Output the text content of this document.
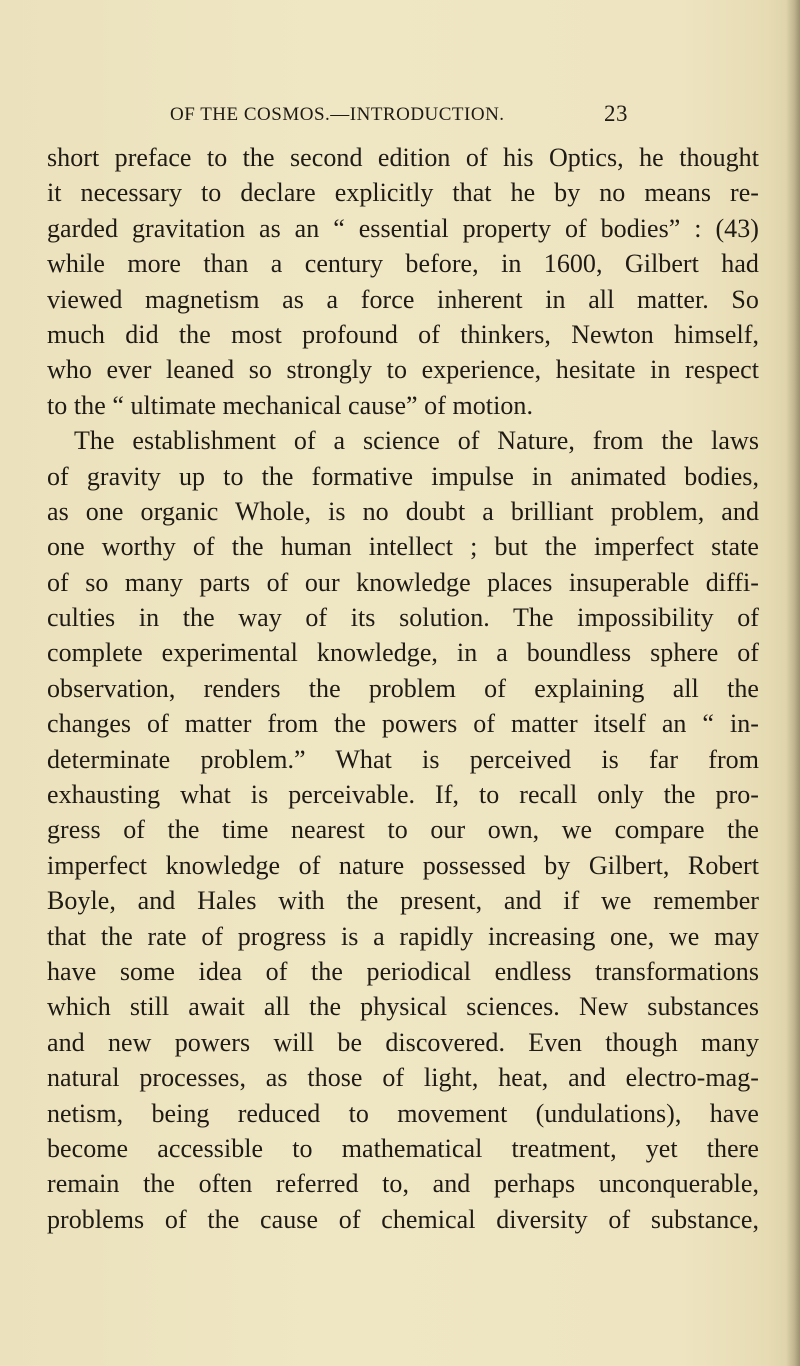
OF THE COSMOS.—INTRODUCTION.	23
short preface to the second edition of his Optics, he thought
it necessary to declare explicitly that he by no means re-
garded gravitation as an “ essential property of bodies” : (43)
while more than a century before, in 1600, Gilbert had
viewed magnetism as a force inherent in all matter. So
much did the most profound of thinkers, Newton himself,
who ever leaned so strongly to experience, hesitate in respect
to the “ ultimate mechanical cause” of motion.
The establishment of a science of Nature, from the laws
of gravity up to the formative impulse in animated bodies,
as one organic Whole, is no doubt a brilliant problem, and
one worthy of the human intellect ; but the imperfect state
of so many parts of our knowledge places insuperable diffi-
culties in the way of its solution. The impossibility of
complete experimental knowledge, in a boundless sphere of
observation, renders the problem of explaining all the
changes of matter from the powers of matter itself an “ in-
determinate problem.” What is perceived is far from
exhausting what is perceivable. If, to recall only the pro-
gress of the time nearest to our own, we compare the
imperfect knowledge of nature possessed by Gilbert, Robert
Boyle, and Hales with the present, and if we remember
that the rate of progress is a rapidly increasing one, we may
have some idea of the periodical endless transformations
which still await all the physical sciences. New substances
and new powers will be discovered. Even though many
natural processes, as those of light, heat, and electro-mag-
netism, being reduced to movement (undulations), have
become accessible to mathematical treatment, yet there
remain the often referred to, and perhaps unconquerable,
problems of the cause of chemical diversity of substance,
